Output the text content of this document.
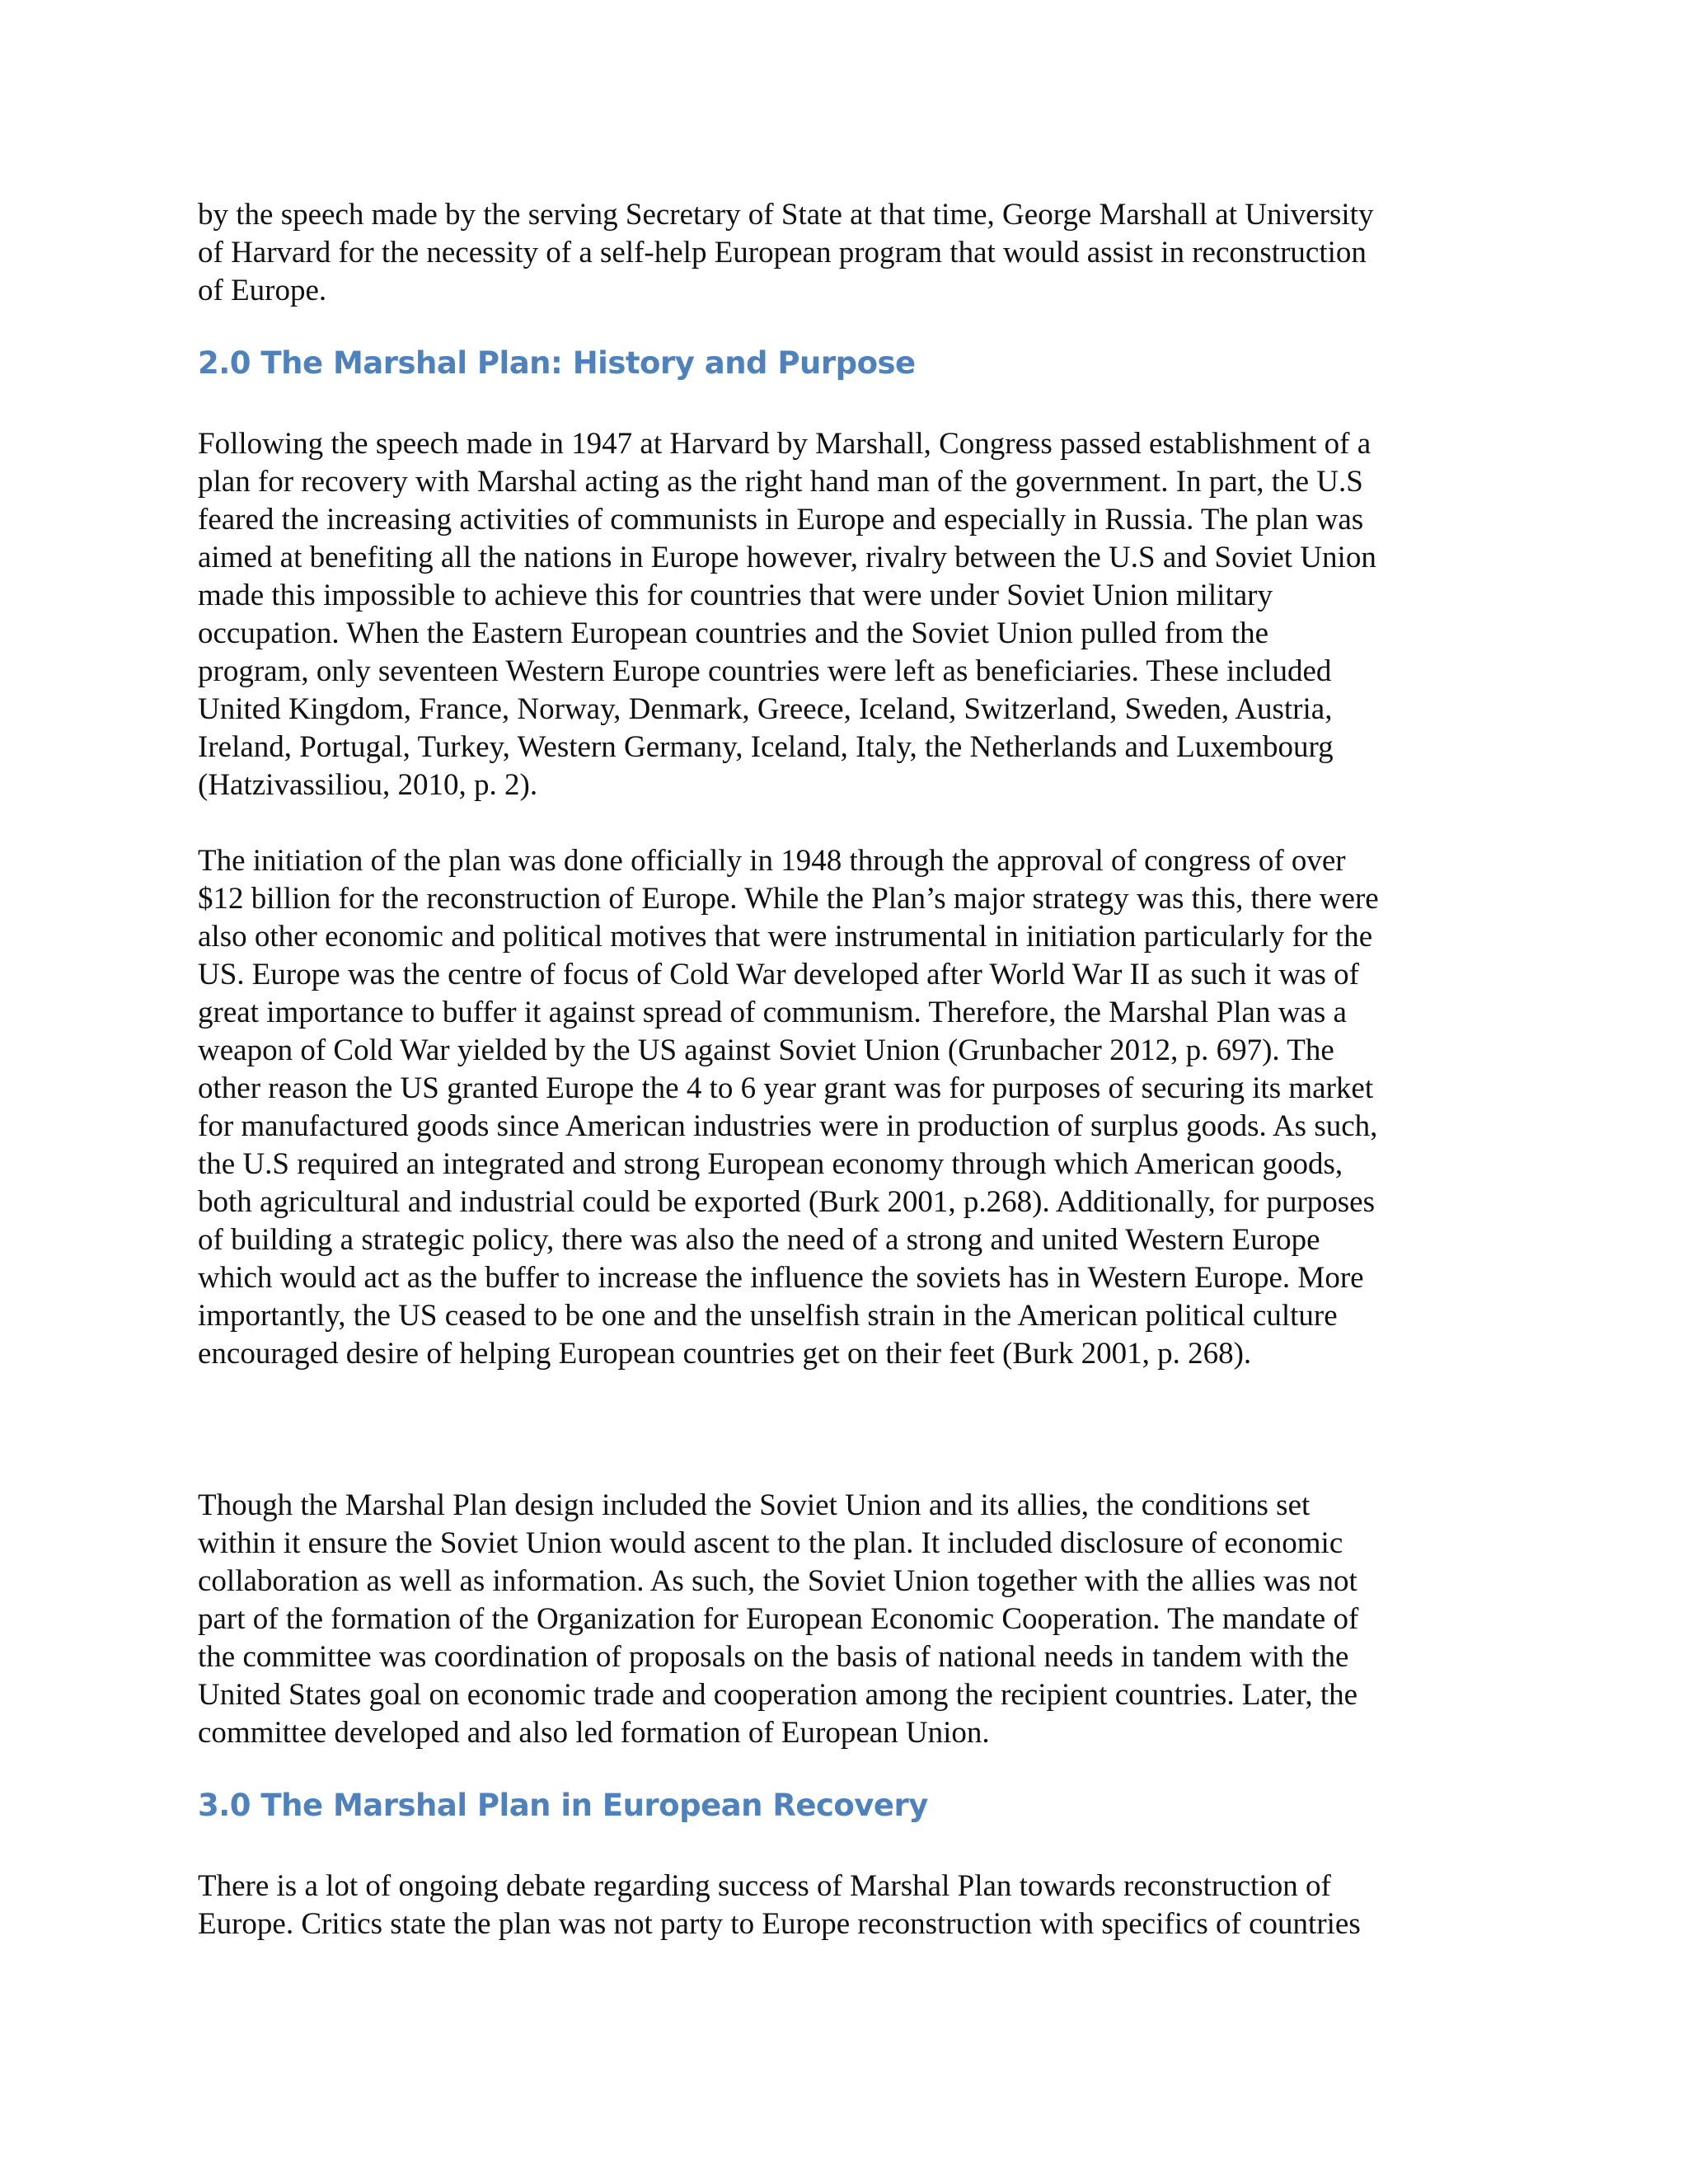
by the speech made by the serving Secretary of State at that time, George Marshall at University
of Harvard for the necessity of a self-help European program that would assist in reconstruction
of Europe.

2.0 The Marshal Plan: History and Purpose

Following the speech made in 1947 at Harvard by Marshall, Congress passed establishment of a
plan for recovery with Marshal acting as the right hand man of the government. In part, the U.S
feared the increasing activities of communists in Europe and especially in Russia. The plan was
aimed at benefiting all the nations in Europe however, rivalry between the U.S and Soviet Union
made this impossible to achieve this for countries that were under Soviet Union military
occupation. When the Eastern European countries and the Soviet Union pulled from the
program, only seventeen Western Europe countries were left as beneficiaries. These included
United Kingdom, France, Norway, Denmark, Greece, Iceland, Switzerland, Sweden, Austria,
Ireland, Portugal, Turkey, Western Germany, Iceland, Italy, the Netherlands and Luxembourg
(Hatzivassiliou, 2010, p. 2).

The initiation of the plan was done officially in 1948 through the approval of congress of over
$12 billion for the reconstruction of Europe. While the Plan’s major strategy was this, there were
also other economic and political motives that were instrumental in initiation particularly for the
US. Europe was the centre of focus of Cold War developed after World War II as such it was of
great importance to buffer it against spread of communism. Therefore, the Marshal Plan was a
weapon of Cold War yielded by the US against Soviet Union (Grunbacher 2012, p. 697). The
other reason the US granted Europe the 4 to 6 year grant was for purposes of securing its market
for manufactured goods since American industries were in production of surplus goods. As such,
the U.S required an integrated and strong European economy through which American goods,
both agricultural and industrial could be exported (Burk 2001, p.268). Additionally, for purposes
of building a strategic policy, there was also the need of a strong and united Western Europe
which would act as the buffer to increase the influence the soviets has in Western Europe. More
importantly, the US ceased to be one and the unselfish strain in the American political culture
encouraged desire of helping European countries get on their feet (Burk 2001, p. 268).

Though the Marshal Plan design included the Soviet Union and its allies, the conditions set
within it ensure the Soviet Union would ascent to the plan. It included disclosure of economic
collaboration as well as information. As such, the Soviet Union together with the allies was not
part of the formation of the Organization for European Economic Cooperation. The mandate of
the committee was coordination of proposals on the basis of national needs in tandem with the
United States goal on economic trade and cooperation among the recipient countries. Later, the
committee developed and also led formation of European Union.

3.0 The Marshal Plan in European Recovery

There is a lot of ongoing debate regarding success of Marshal Plan towards reconstruction of
Europe. Critics state the plan was not party to Europe reconstruction with specifics of countries
